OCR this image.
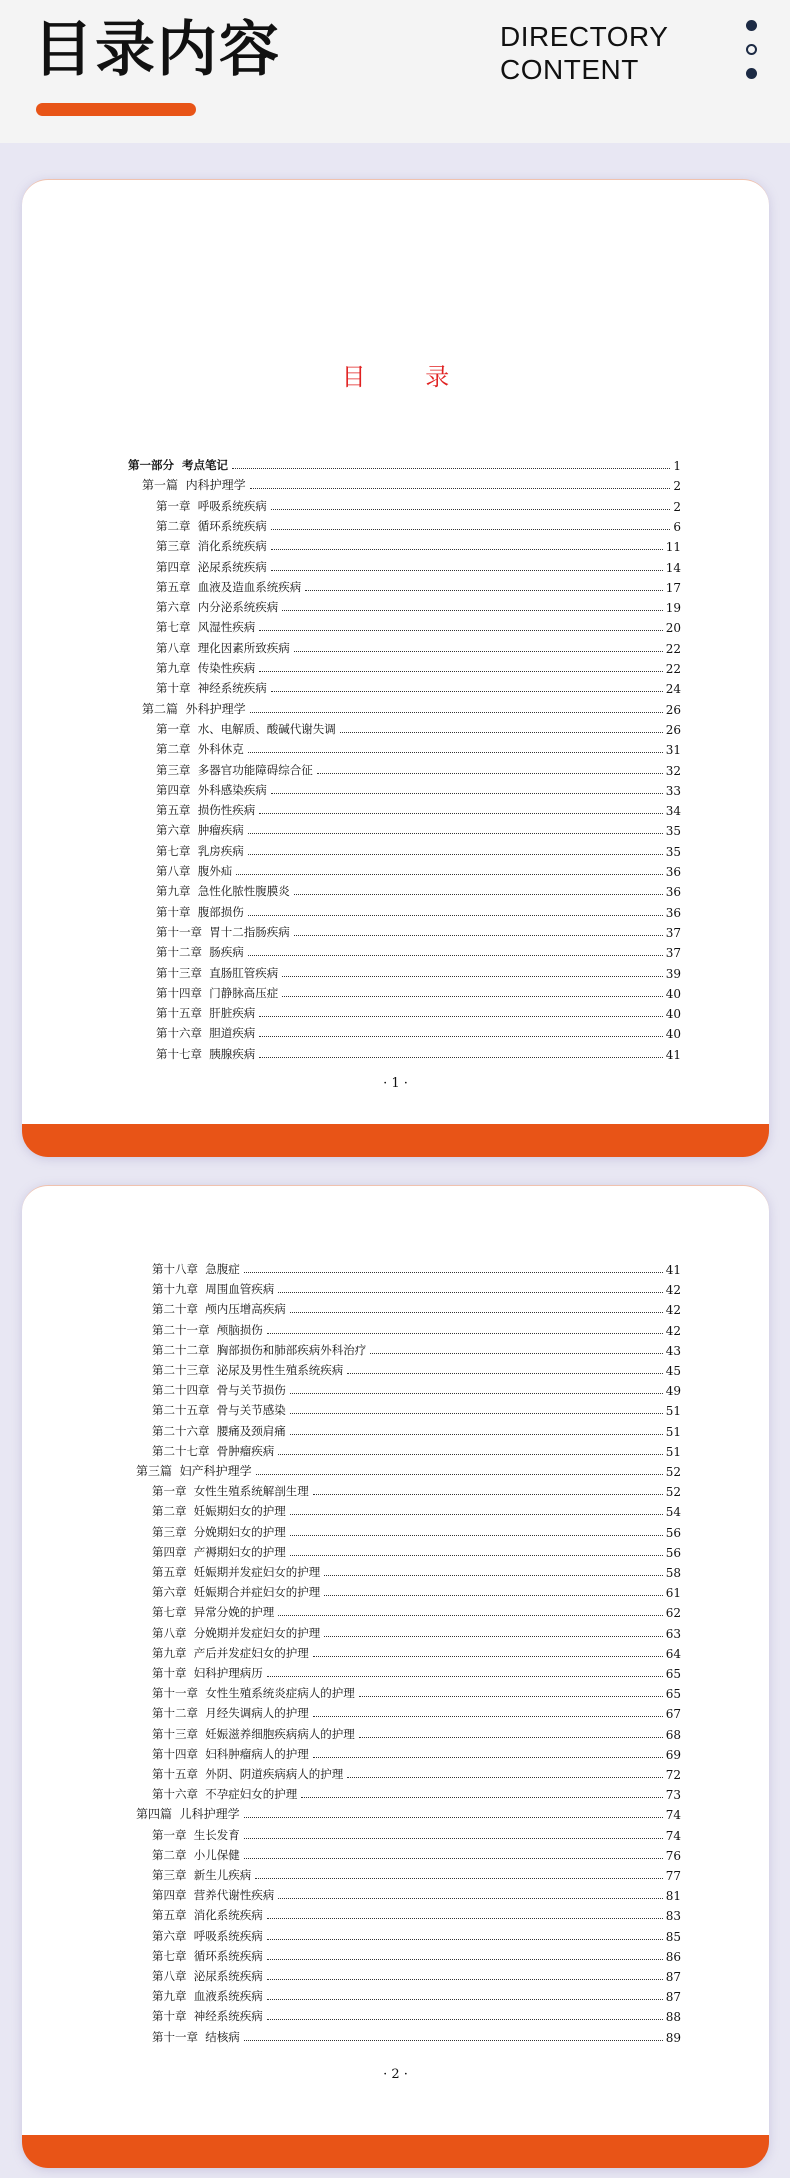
目录内容	DIRECTORY
CONTENT
目 录
第一部分  考点笔记	1
第一篇  内科护理学	2
第一章  呼吸系统疾病	2
第二章  循环系统疾病	6
第三章  消化系统疾病	11
第四章  泌尿系统疾病	14
第五章  血液及造血系统疾病	17
第六章  内分泌系统疾病	19
第七章  风湿性疾病	20
第八章  理化因素所致疾病	22
第九章  传染性疾病	22
第十章  神经系统疾病	24
第二篇  外科护理学	26
第一章  水、电解质、酸碱代谢失调	26
第二章  外科休克	31
第三章  多器官功能障碍综合征	32
第四章  外科感染疾病	33
第五章  损伤性疾病	34
第六章  肿瘤疾病	35
第七章  乳房疾病	35
第八章  腹外疝	36
第九章  急性化脓性腹膜炎	36
第十章  腹部损伤	36
第十一章  胃十二指肠疾病	37
第十二章  肠疾病	37
第十三章  直肠肛管疾病	39
第十四章  门静脉高压症	40
第十五章  肝脏疾病	40
第十六章  胆道疾病	40
第十七章  胰腺疾病	41
· 1 ·
第十八章  急腹症	41
第十九章  周围血管疾病	42
第二十章  颅内压增高疾病	42
第二十一章  颅脑损伤	42
第二十二章  胸部损伤和肺部疾病外科治疗	43
第二十三章  泌尿及男性生殖系统疾病	45
第二十四章  骨与关节损伤	49
第二十五章  骨与关节感染	51
第二十六章  腰痛及颈肩痛	51
第二十七章  骨肿瘤疾病	51
第三篇  妇产科护理学	52
第一章  女性生殖系统解剖生理	52
第二章  妊娠期妇女的护理	54
第三章  分娩期妇女的护理	56
第四章  产褥期妇女的护理	56
第五章  妊娠期并发症妇女的护理	58
第六章  妊娠期合并症妇女的护理	61
第七章  异常分娩的护理	62
第八章  分娩期并发症妇女的护理	63
第九章  产后并发症妇女的护理	64
第十章  妇科护理病历	65
第十一章  女性生殖系统炎症病人的护理	65
第十二章  月经失调病人的护理	67
第十三章  妊娠滋养细胞疾病病人的护理	68
第十四章  妇科肿瘤病人的护理	69
第十五章  外阴、阴道疾病病人的护理	72
第十六章  不孕症妇女的护理	73
第四篇  儿科护理学	74
第一章  生长发育	74
第二章  小儿保健	76
第三章  新生儿疾病	77
第四章  营养代谢性疾病	81
第五章  消化系统疾病	83
第六章  呼吸系统疾病	85
第七章  循环系统疾病	86
第八章  泌尿系统疾病	87
第九章  血液系统疾病	87
第十章  神经系统疾病	88
第十一章  结核病	89
· 2 ·
